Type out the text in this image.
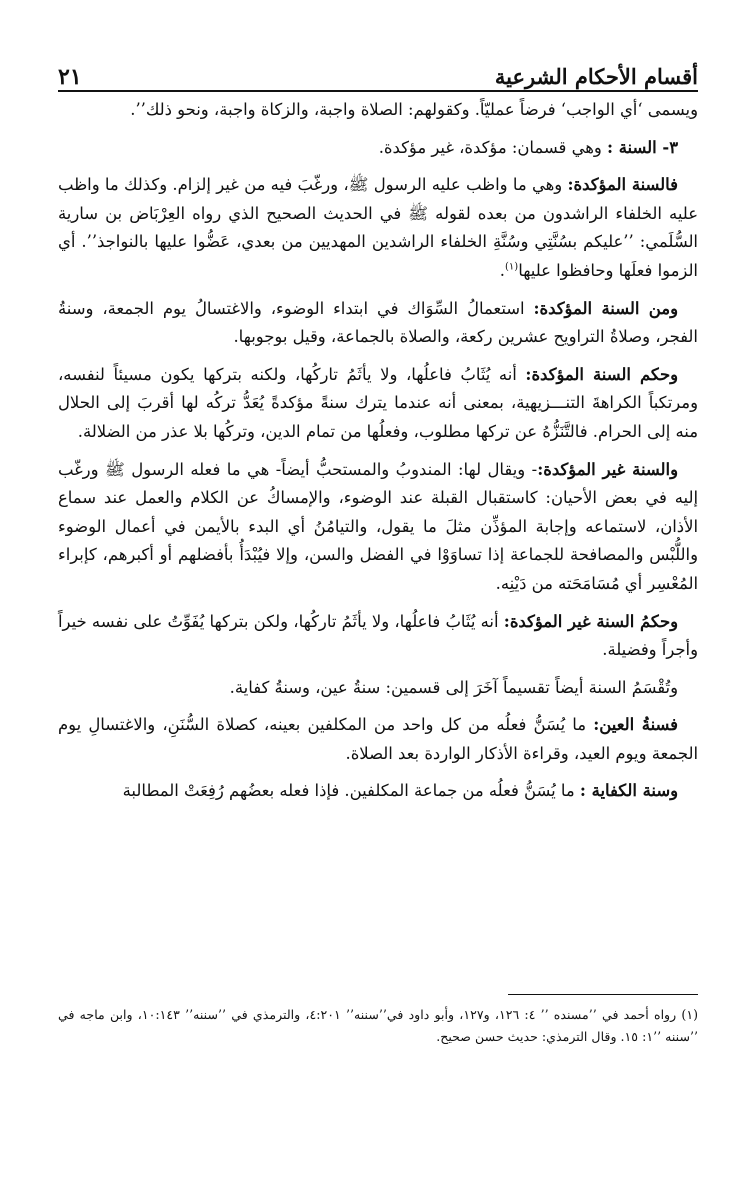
أقسام الأحكام الشرعية
٢١

ويسمى ‘أي الواجب‘ فرضاً عمليّاً. وكقولهم: الصلاة واجبة، والزكاة واجبة، ونحو ذلك’’.

٣- السنة : وهي قسمان: مؤكدة، غير مؤكدة.

فالسنة المؤكدة: وهي ما واظب عليه الرسول ﷺ، ورغّبَ فيه من غير إلزام. وكذلك ما واظب عليه الخلفاء الراشدون من بعده لقوله ﷺ في الحديث الصحيح الذي رواه العِرْبَاض بن سارية السُّلَمي: ’’عليكم بسُنَّتِي وسُنَّةِ الخلفاء الراشدين المهديين من بعدي، عَضُّوا عليها بالنواجذ’’. أي الزموا فعلَها وحافظوا عليها$^{(١)}$.

ومن السنة المؤكدة: استعمالُ السِّوَاك في ابتداء الوضوء، والاغتسالُ يوم الجمعة، وسنةُ الفجر، وصلاةُ التراويح عشرين ركعة، والصلاة بالجماعة، وقيل بوجوبها.

وحكم السنة المؤكدة: أنه يُثَابُ فاعلُها، ولا يأثَمُ تاركُها، ولكنه بتركها يكون مسيئاً لنفسه، ومرتكباً الكراهةَ التنـــزيهية، بمعنى أنه عندما يترك سنةً مؤكدةً يُعَدُّ تركُه لها أقربَ إلى الحلال منه إلى الحرام. فالتَّنَزُّهُ عن تركها مطلوب، وفعلُها من تمام الدين، وتركُها بلا عذر من الضلالة.

والسنة غير المؤكدة:- ويقال لها: المندوبُ والمستحبُّ أيضاً- هي ما فعله الرسول ﷺ ورغّب إليه في بعض الأحيان: كاستقبال القبلة عند الوضوء، والإمساكُ عن الكلام والعمل عند سماع الأذان، لاستماعه وإجابة المؤذِّن مثلَ ما يقول، والتيامُنُ أي البدء بالأيمن في أعمال الوضوء واللُّبْس والمصافحة للجماعة إذا تساوَوْا في الفضل والسن، وإلا فيُبْدَأُ بأفضلهم أو أكبرهم، كإبراء المُعْسِر أي مُسَامَحَته من دَيْنِه.

وحكمُ السنة غير المؤكدة: أنه يُثَابُ فاعلُها، ولا يأثَمُ تاركُها، ولكن بتركها يُفَوِّتُ على نفسه خيراً وأجراً وفضيلة.

وتُقْسَمُ السنة أيضاً تقسيماً آخَرَ إلى قسمين: سنةُ عين، وسنةُ كفاية.

فسنةُ العين: ما يُسَنُّ فعلُه من كل واحد من المكلفين بعينه، كصلاة السُّنَنِ، والاغتسالِ يوم الجمعة ويوم العيد، وقراءة الأذكار الواردة بعد الصلاة.

وسنة الكفاية : ما يُسَنُّ فعلُه من جماعة المكلفين. فإذا فعله بعضُهم رُفِعَتْ المطالبة

(١) رواه أحمد في ’’مسنده ’’ ٤: ١٢٦، و١٢٧، وأبو داود في’’سننه’’ ٤:٢٠١، والترمذي في ’’سننه’’ ١٠:١٤٣، وابن ماجه في ’’سننه ’’١: ١٥. وقال الترمذي: حديث حسن صحيح.
